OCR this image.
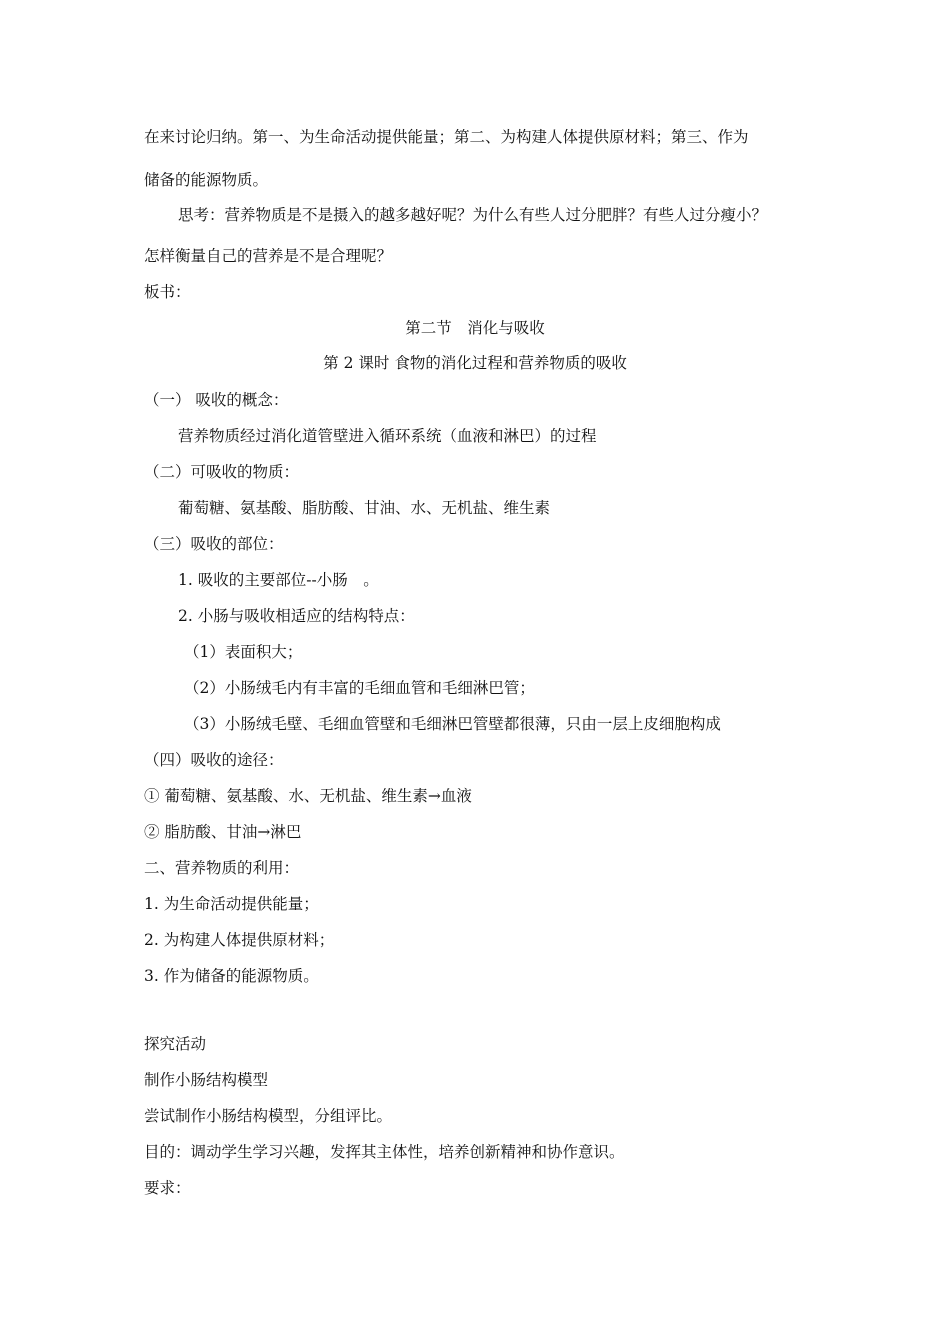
在来讨论归纳。第一、为生命活动提供能量；第二、为构建人体提供原材料；第三、作为
储备的能源物质。
思考：营养物质是不是摄入的越多越好呢？为什么有些人过分肥胖？有些人过分瘦小？
怎样衡量自己的营养是不是合理呢？
板书：
第二节　消化与吸收
第 2 课时 食物的消化过程和营养物质的吸收
（一） 吸收的概念：
营养物质经过消化道管壁进入循环系统（血液和淋巴）的过程
（二）可吸收的物质：
葡萄糖、氨基酸、脂肪酸、甘油、水、无机盐、维生素
（三）吸收的部位：
1. 吸收的主要部位--小肠　。
2. 小肠与吸收相适应的结构特点：
（1）表面积大；
（2）小肠绒毛内有丰富的毛细血管和毛细淋巴管；
（3）小肠绒毛壁、毛细血管壁和毛细淋巴管壁都很薄，只由一层上皮细胞构成
（四）吸收的途径：
① 葡萄糖、氨基酸、水、无机盐、维生素→血液
② 脂肪酸、甘油→淋巴
二、营养物质的利用：
1. 为生命活动提供能量；
2. 为构建人体提供原材料；
3. 作为储备的能源物质。
探究活动
制作小肠结构模型
尝试制作小肠结构模型，分组评比。
目的：调动学生学习兴趣，发挥其主体性，培养创新精神和协作意识。
要求：
